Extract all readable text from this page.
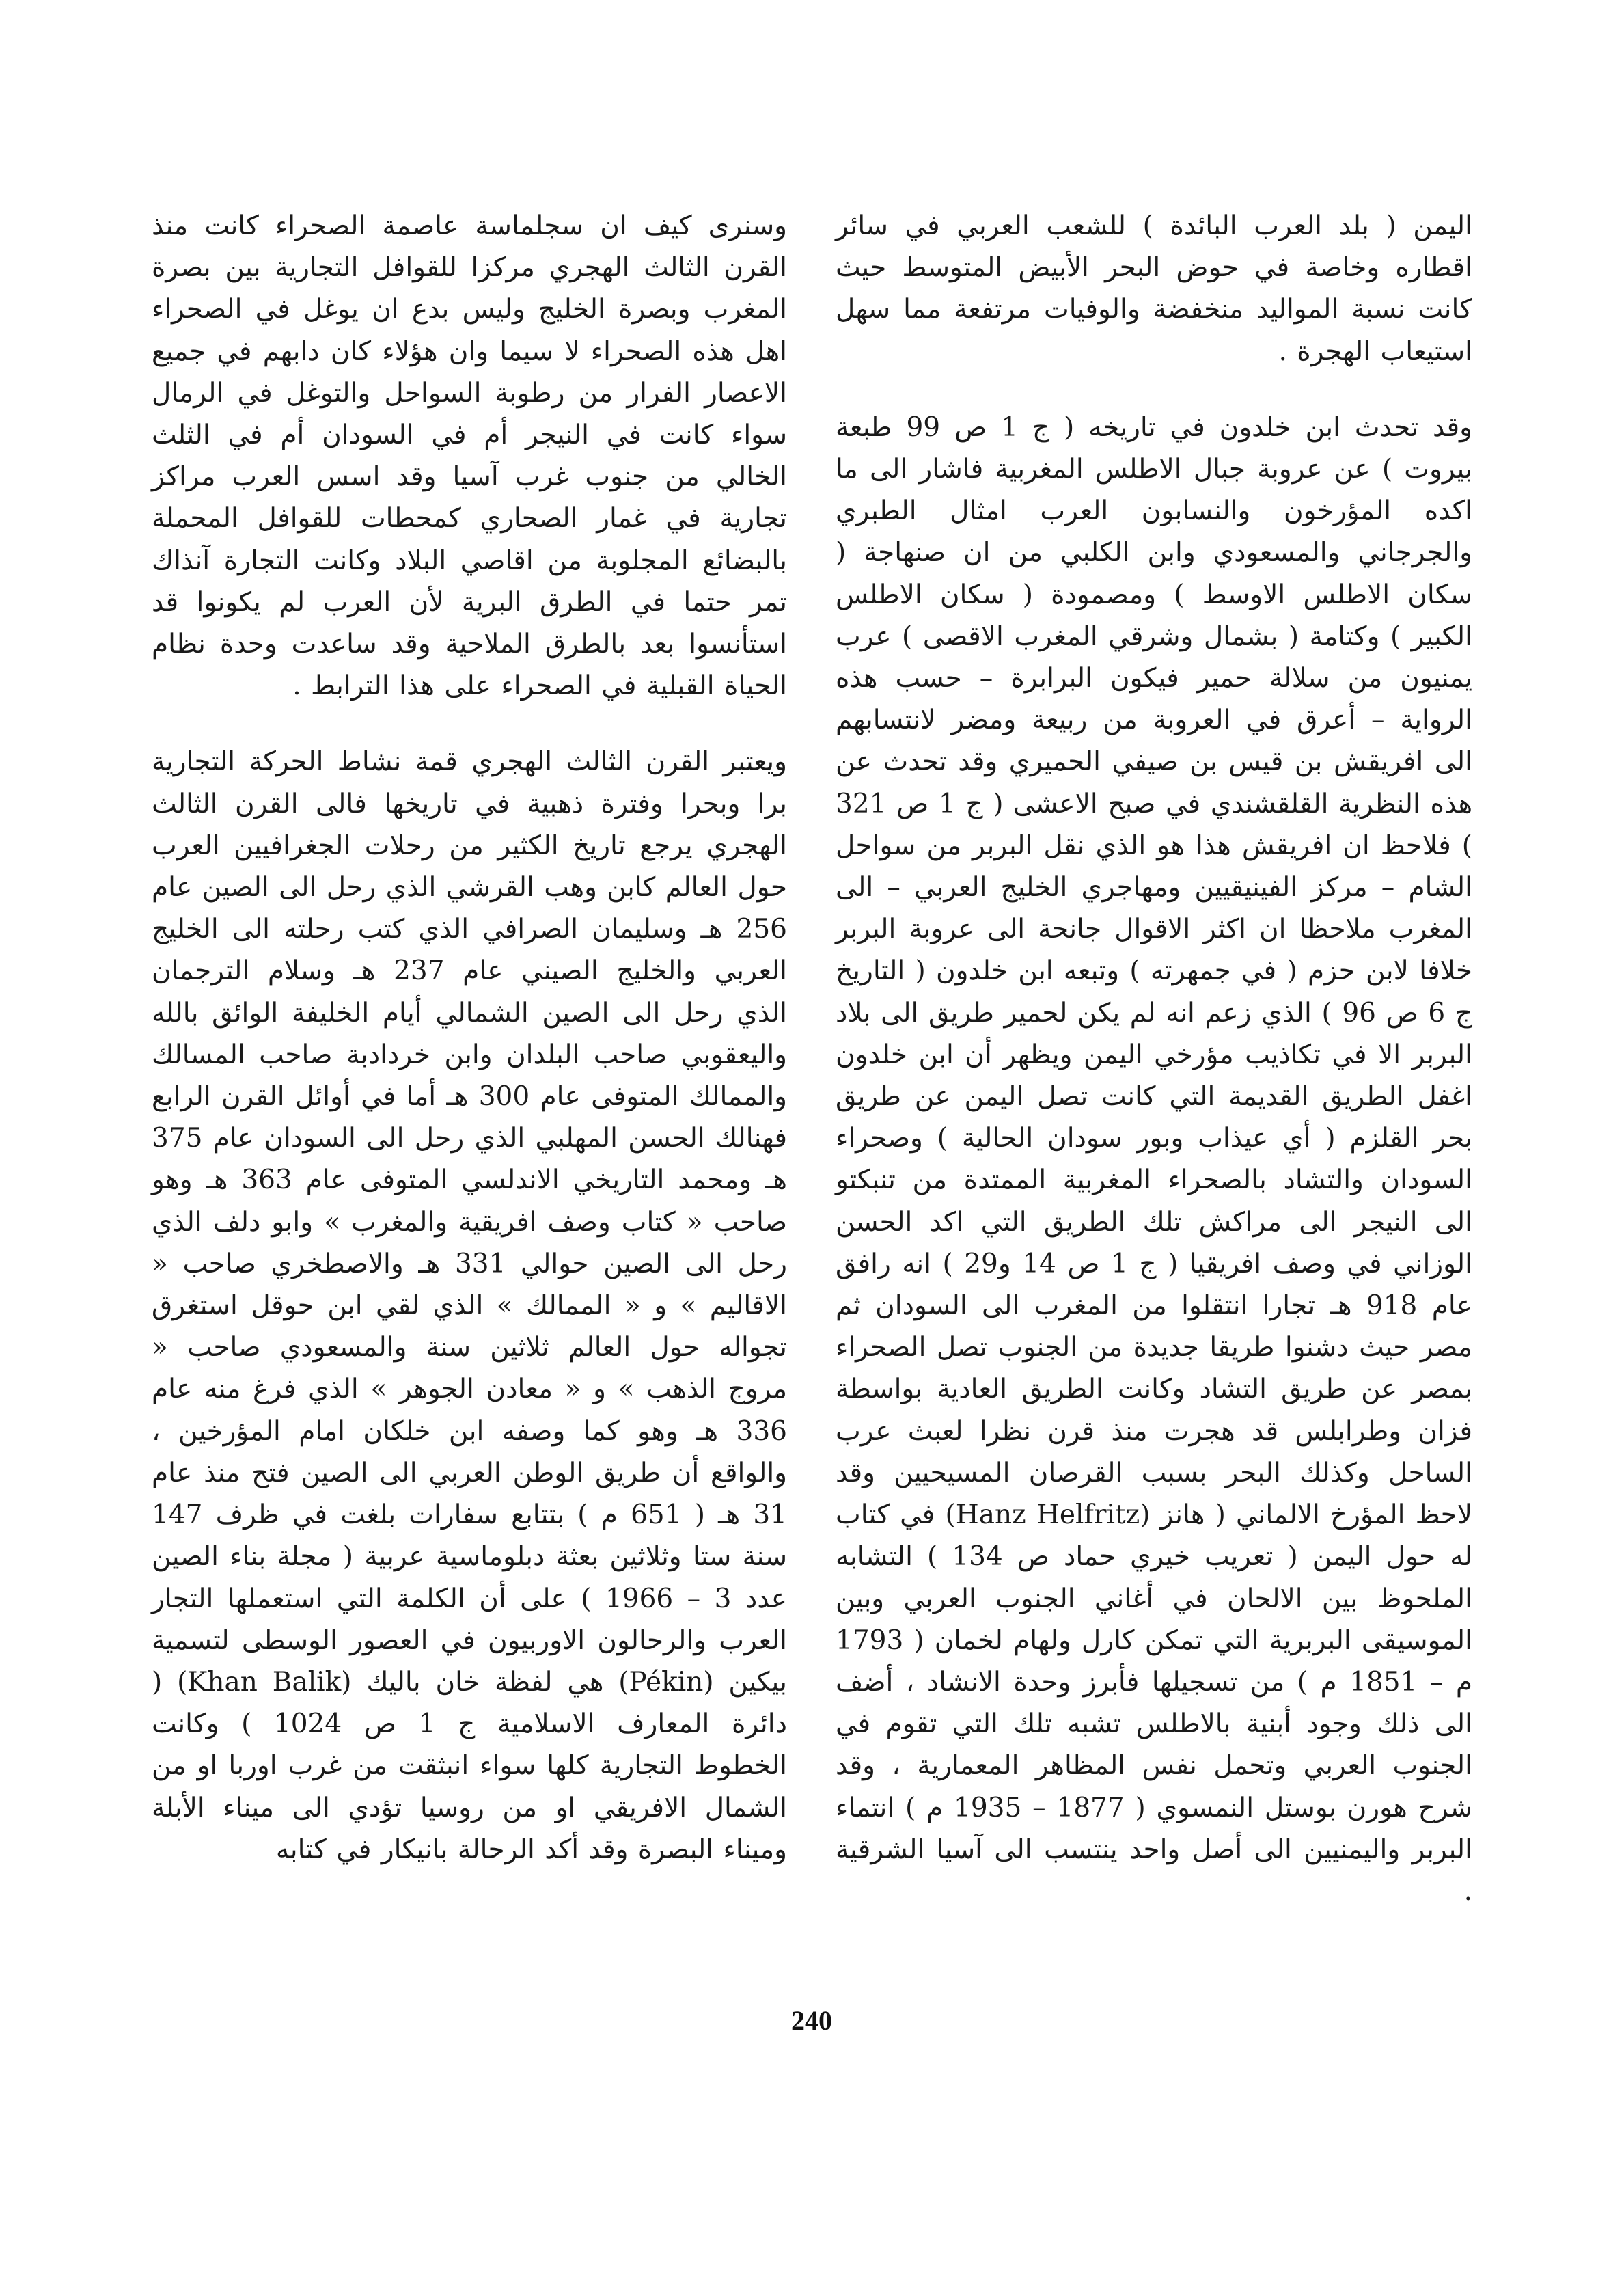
اليمن ( بلد العرب البائدة ) للشعب العربي في سائر اقطاره وخاصة في حوض البحر الأبيض المتوسط حيث كانت نسبة المواليد منخفضة والوفيات مرتفعة مما سهل استيعاب الهجرة .

وقد تحدث ابن خلدون في تاريخه ( ج 1 ص 99 طبعة بيروت ) عن عروبة جبال الاطلس المغربية فاشار الى ما اكده المؤرخون والنسابون العرب امثال الطبري والجرجاني والمسعودي وابن الكلبي من ان صنهاجة ( سكان الاطلس الاوسط ) ومصمودة ( سكان الاطلس الكبير ) وكتامة ( بشمال وشرقي المغرب الاقصى ) عرب يمنيون من سلالة حمير فيكون البرابرة – حسب هذه الرواية – أعرق في العروبة من ربيعة ومضر لانتسابهم الى افريقش بن قيس بن صيفي الحميري وقد تحدث عن هذه النظرية القلقشندي في صبح الاعشى ( ج 1 ص 321 ) فلاحظ ان افريقش هذا هو الذي نقل البربر من سواحل الشام – مركز الفينيقيين ومهاجري الخليج العربي – الى المغرب ملاحظا ان اكثر الاقوال جانحة الى عروبة البربر خلافا لابن حزم ( في جمهرته ) وتبعه ابن خلدون ( التاريخ ج 6 ص 96 ) الذي زعم انه لم يكن لحمير طريق الى بلاد البربر الا في تكاذيب مؤرخي اليمن ويظهر أن ابن خلدون اغفل الطريق القديمة التي كانت تصل اليمن عن طريق بحر القلزم ( أي عيذاب وبور سودان الحالية ) وصحراء السودان والتشاد بالصحراء المغربية الممتدة من تنبكتو الى النيجر الى مراكش تلك الطريق التي اكد الحسن الوزاني في وصف افريقيا ( ج 1 ص 14 و29 ) انه رافق عام 918 هـ تجارا انتقلوا من المغرب الى السودان ثم مصر حيث دشنوا طريقا جديدة من الجنوب تصل الصحراء بمصر عن طريق التشاد وكانت الطريق العادية بواسطة فزان وطرابلس قد هجرت منذ قرن نظرا لعبث عرب الساحل وكذلك البحر بسبب القرصان المسيحيين وقد لاحظ المؤرخ الالماني ( هانز (Hanz Helfritz) في كتاب له حول اليمن ( تعريب خيري حماد ص 134 ) التشابه الملحوظ بين الالحان في أغاني الجنوب العربي وبين الموسيقى البربرية التي تمكن كارل ولهام لخمان ( 1793 م – 1851 م ) من تسجيلها فأبرز وحدة الانشاد ، أضف الى ذلك وجود أبنية بالاطلس تشبه تلك التي تقوم في الجنوب العربي وتحمل نفس المظاهر المعمارية ، وقد شرح هورن بوستل النمسوي ( 1877 – 1935 م ) انتماء البربر واليمنيين الى أصل واحد ينتسب الى آسيا الشرقية .

وسنرى كيف ان سجلماسة عاصمة الصحراء كانت منذ القرن الثالث الهجري مركزا للقوافل التجارية بين بصرة المغرب وبصرة الخليج وليس بدع ان يوغل في الصحراء اهل هذه الصحراء لا سيما وان هؤلاء كان دابهم في جميع الاعصار الفرار من رطوبة السواحل والتوغل في الرمال سواء كانت في النيجر أم في السودان أم في الثلث الخالي من جنوب غرب آسيا وقد اسس العرب مراكز تجارية في غمار الصحاري كمحطات للقوافل المحملة بالبضائع المجلوبة من اقاصي البلاد وكانت التجارة آنذاك تمر حتما في الطرق البرية لأن العرب لم يكونوا قد استأنسوا بعد بالطرق الملاحية وقد ساعدت وحدة نظام الحياة القبلية في الصحراء على هذا الترابط .

ويعتبر القرن الثالث الهجري قمة نشاط الحركة التجارية برا وبحرا وفترة ذهبية في تاريخها فالى القرن الثالث الهجري يرجع تاريخ الكثير من رحلات الجغرافيين العرب حول العالم كابن وهب القرشي الذي رحل الى الصين عام 256 هـ وسليمان الصرافي الذي كتب رحلته الى الخليج العربي والخليج الصيني عام 237 هـ وسلام الترجمان الذي رحل الى الصين الشمالي أيام الخليفة الوائق بالله واليعقوبي صاحب البلدان وابن خردادبة صاحب المسالك والممالك المتوفى عام 300 هـ أما في أوائل القرن الرابع فهنالك الحسن المهلبي الذي رحل الى السودان عام 375 هـ ومحمد التاريخي الاندلسي المتوفى عام 363 هـ وهو صاحب « كتاب وصف افريقية والمغرب » وابو دلف الذي رحل الى الصين حوالي 331 هـ والاصطخري صاحب « الاقاليم » و « الممالك » الذي لقي ابن حوقل استغرق تجواله حول العالم ثلاثين سنة والمسعودي صاحب « مروج الذهب » و « معادن الجوهر » الذي فرغ منه عام 336 هـ وهو كما وصفه ابن خلكان امام المؤرخين ، والواقع أن طريق الوطن العربي الى الصين فتح منذ عام 31 هـ ( 651 م ) بتتابع سفارات بلغت في ظرف 147 سنة ستا وثلاثين بعثة دبلوماسية عربية ( مجلة بناء الصين عدد 3 – 1966 ) على أن الكلمة التي استعملها التجار العرب والرحالون الاوربيون في العصور الوسطى لتسمية بيكين (Pékin) هي لفظة خان باليك (Khan Balik) ( دائرة المعارف الاسلامية ج 1 ص 1024 ) وكانت الخطوط التجارية كلها سواء انبثقت من غرب اوربا او من الشمال الافريقي او من روسيا تؤدي الى ميناء الأبلة وميناء البصرة وقد أكد الرحالة بانيكار في كتابه

240
